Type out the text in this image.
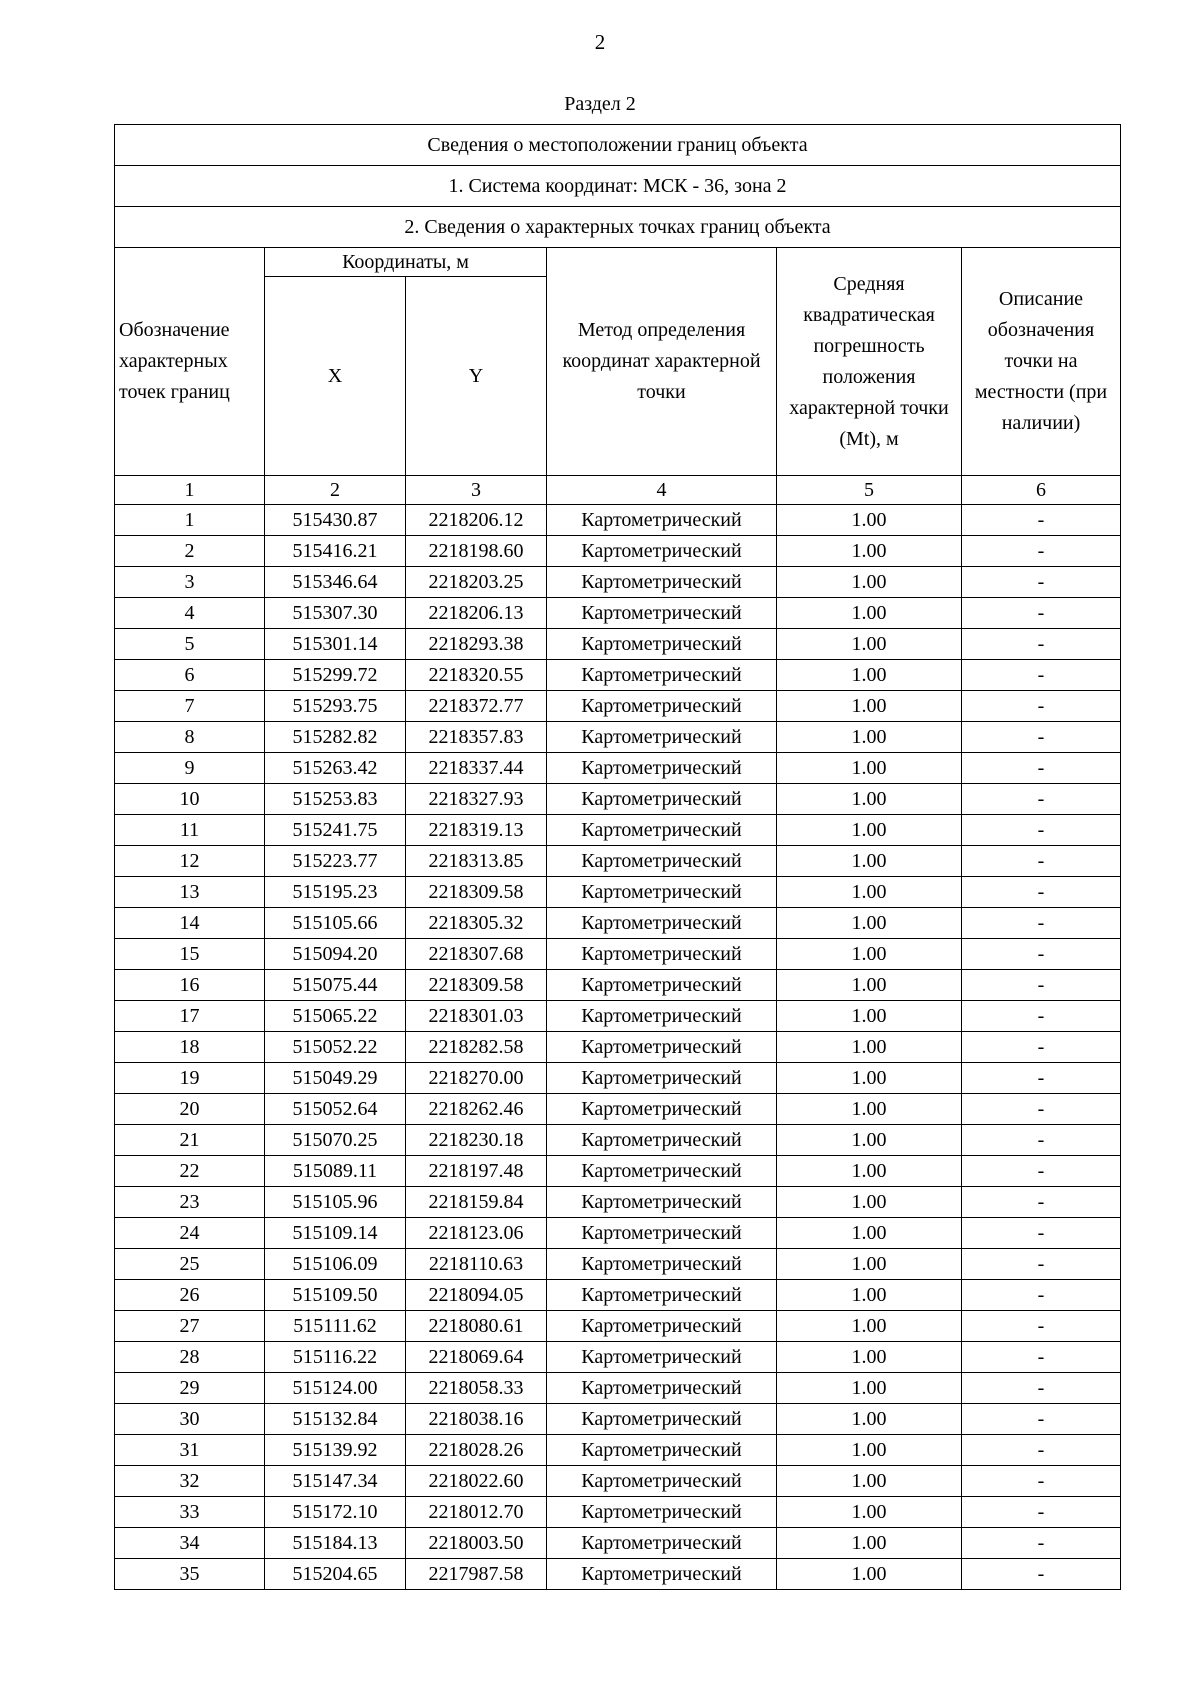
2
Раздел 2
Сведения о местоположении границ объекта					
1. Система координат: МСК - 36, зона 2					
2. Сведения о характерных точках границ объекта					
Обозначение характерных точек границ	Координаты, м		Метод определения координат характерной точки	Средняя квадратическая погрешность положения характерной точки (Mt), м	Описание обозначения точки на местности (при наличии)
	X	Y			
1	2	3	4	5	6
1	515430.87	2218206.12	Картометрический	1.00	-
2	515416.21	2218198.60	Картометрический	1.00	-
3	515346.64	2218203.25	Картометрический	1.00	-
4	515307.30	2218206.13	Картометрический	1.00	-
5	515301.14	2218293.38	Картометрический	1.00	-
6	515299.72	2218320.55	Картометрический	1.00	-
7	515293.75	2218372.77	Картометрический	1.00	-
8	515282.82	2218357.83	Картометрический	1.00	-
9	515263.42	2218337.44	Картометрический	1.00	-
10	515253.83	2218327.93	Картометрический	1.00	-
11	515241.75	2218319.13	Картометрический	1.00	-
12	515223.77	2218313.85	Картометрический	1.00	-
13	515195.23	2218309.58	Картометрический	1.00	-
14	515105.66	2218305.32	Картометрический	1.00	-
15	515094.20	2218307.68	Картометрический	1.00	-
16	515075.44	2218309.58	Картометрический	1.00	-
17	515065.22	2218301.03	Картометрический	1.00	-
18	515052.22	2218282.58	Картометрический	1.00	-
19	515049.29	2218270.00	Картометрический	1.00	-
20	515052.64	2218262.46	Картометрический	1.00	-
21	515070.25	2218230.18	Картометрический	1.00	-
22	515089.11	2218197.48	Картометрический	1.00	-
23	515105.96	2218159.84	Картометрический	1.00	-
24	515109.14	2218123.06	Картометрический	1.00	-
25	515106.09	2218110.63	Картометрический	1.00	-
26	515109.50	2218094.05	Картометрический	1.00	-
27	515111.62	2218080.61	Картометрический	1.00	-
28	515116.22	2218069.64	Картометрический	1.00	-
29	515124.00	2218058.33	Картометрический	1.00	-
30	515132.84	2218038.16	Картометрический	1.00	-
31	515139.92	2218028.26	Картометрический	1.00	-
32	515147.34	2218022.60	Картометрический	1.00	-
33	515172.10	2218012.70	Картометрический	1.00	-
34	515184.13	2218003.50	Картометрический	1.00	-
35	515204.65	2217987.58	Картометрический	1.00	-
